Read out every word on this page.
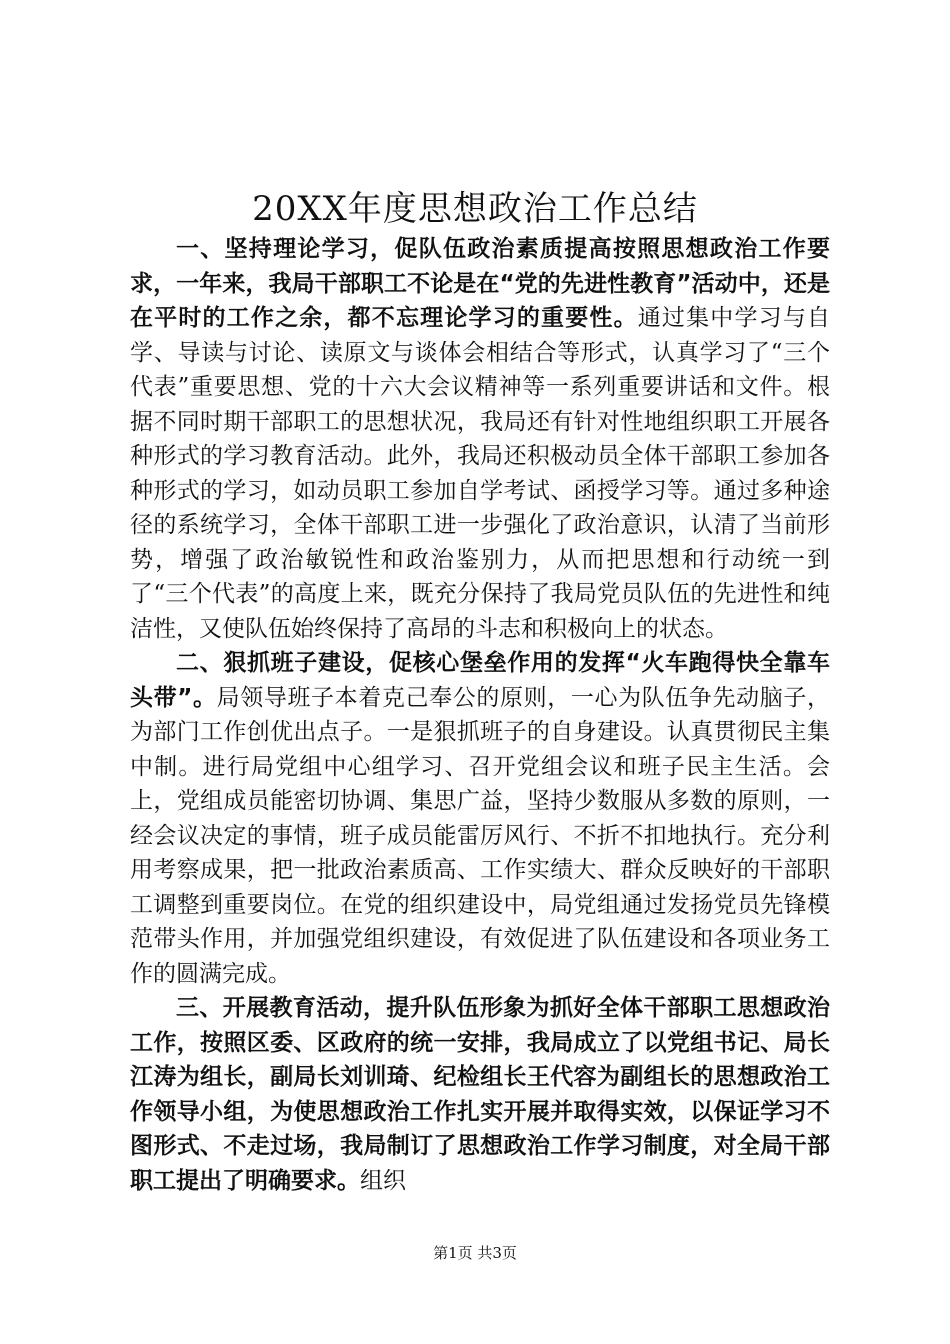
20XX年度思想政治工作总结

一、坚持理论学习，促队伍政治素质提高按照思想政治工作要求，一年来，我局干部职工不论是在“党的先进性教育”活动中，还是在平时的工作之余，都不忘理论学习的重要性。通过集中学习与自学、导读与讨论、读原文与谈体会相结合等形式，认真学习了“三个代表”重要思想、党的十六大会议精神等一系列重要讲话和文件。根据不同时期干部职工的思想状况，我局还有针对性地组织职工开展各种形式的学习教育活动。此外，我局还积极动员全体干部职工参加各种形式的学习，如动员职工参加自学考试、函授学习等。通过多种途径的系统学习，全体干部职工进一步强化了政治意识，认清了当前形势，增强了政治敏锐性和政治鉴别力，从而把思想和行动统一到了“三个代表”的高度上来，既充分保持了我局党员队伍的先进性和纯洁性，又使队伍始终保持了高昂的斗志和积极向上的状态。

二、狠抓班子建设，促核心堡垒作用的发挥“火车跑得快全靠车头带”。局领导班子本着克己奉公的原则，一心为队伍争先动脑子，为部门工作创优出点子。一是狠抓班子的自身建设。认真贯彻民主集中制。进行局党组中心组学习、召开党组会议和班子民主生活。会上，党组成员能密切协调、集思广益，坚持少数服从多数的原则，一经会议决定的事情，班子成员能雷厉风行、不折不扣地执行。充分利用考察成果，把一批政治素质高、工作实绩大、群众反映好的干部职工调整到重要岗位。在党的组织建设中，局党组通过发扬党员先锋模范带头作用，并加强党组织建设，有效促进了队伍建设和各项业务工作的圆满完成。

三、开展教育活动，提升队伍形象为抓好全体干部职工思想政治工作，按照区委、区政府的统一安排，我局成立了以党组书记、局长江涛为组长，副局长刘训琦、纪检组长王代容为副组长的思想政治工作领导小组，为使思想政治工作扎实开展并取得实效，以保证学习不图形式、不走过场，我局制订了思想政治工作学习制度，对全局干部职工提出了明确要求。组织

第1页 共3页
